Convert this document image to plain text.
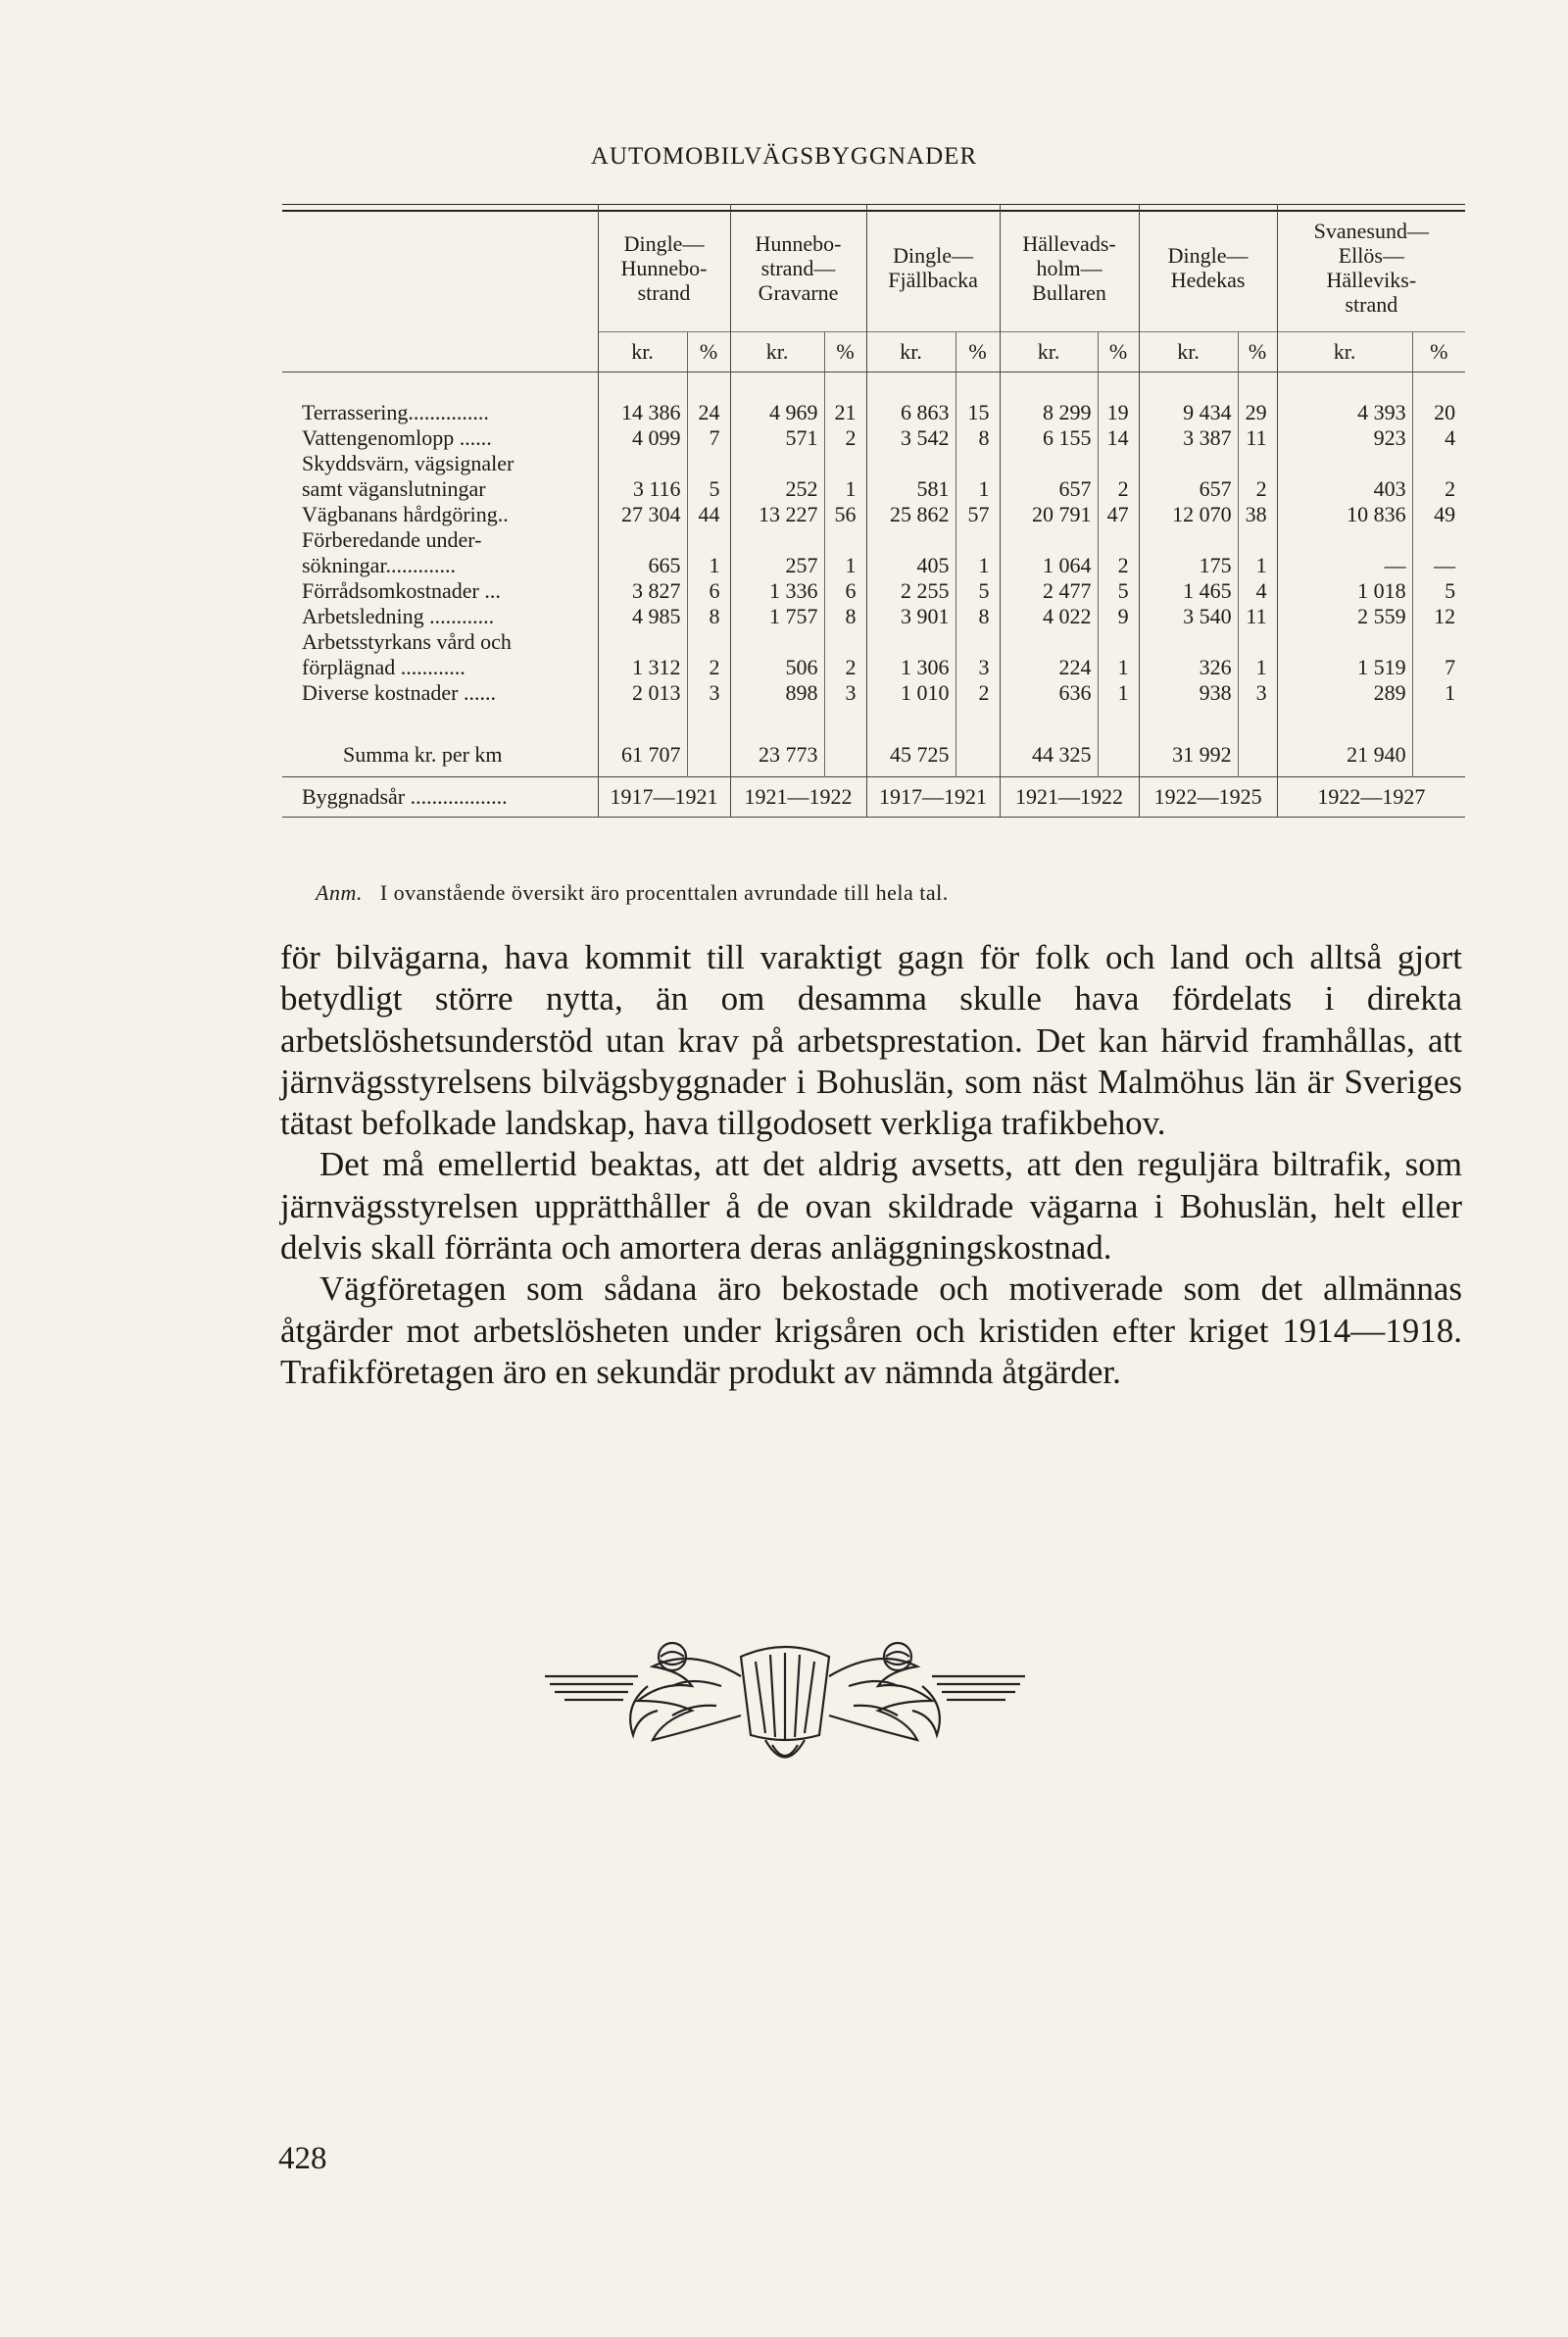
AUTOMOBILVÄGSBYGGNADER
	Dingle—
Hunnebo-
strand		Hunnebo-
strand—
Gravarne		Dingle—
Fjällbacka		Hällevads-
holm—
Bullaren		Dingle—
Hedekas		Svanesund—
Ellös—
Hälleviks-
strand	
	kr.	%	kr.	%	kr.	%	kr.	%	kr.	%	kr.	%

Terrassering...............	14 386	24	4 969	21	6 863	15	8 299	19	9 434	29	4 393	20
Vattengenomlopp ......	4 099	7	571	2	3 542	8	6 155	14	3 387	11	923	4
Skyddsvärn, vägsignaler												
samt väganslutningar	3 116	5	252	1	581	1	657	2	657	2	403	2
Vägbanans hårdgöring..	27 304	44	13 227	56	25 862	57	20 791	47	12 070	38	10 836	49
Förberedande under-												
sökningar.............	665	1	257	1	405	1	1 064	2	175	1	—	—
Förrådsomkostnader ...	3 827	6	1 336	6	2 255	5	2 477	5	1 465	4	1 018	5
Arbetsledning ............	4 985	8	1 757	8	3 901	8	4 022	9	3 540	11	2 559	12
Arbetsstyrkans vård och												
förplägnad ............	1 312	2	506	2	1 306	3	224	1	326	1	1 519	7
Diverse kostnader ......	2 013	3	898	3	1 010	2	636	1	938	3	289	1

Summa kr. per km	61 707		23 773		45 725		44 325		31 992		21 940	
Byggnadsår ..................	1917—1921		1921—1922		1917—1921		1921—1922		1922—1925		1922—1927	
Anm. I ovanstående översikt äro procenttalen avrundade till hela tal.

för bilvägarna, hava kommit till varaktigt gagn för folk och land och alltså gjort betydligt större nytta, än om desamma skulle hava fördelats i direkta arbetslöshetsunderstöd utan krav på arbetsprestation. Det kan härvid framhållas, att järnvägsstyrelsens bilvägsbyggnader i Bohuslän, som näst Malmöhus län är Sveriges tätast befolkade landskap, hava tillgodosett verkliga trafikbehov.

Det må emellertid beaktas, att det aldrig avsetts, att den reguljära biltrafik, som järnvägsstyrelsen upprätthåller å de ovan skildrade vägarna i Bohuslän, helt eller delvis skall förränta och amortera deras anläggningskostnad.

Vägföretagen som sådana äro bekostade och motiverade som det allmännas åtgärder mot arbetslösheten under krigsåren och kristiden efter kriget 1914—1918. Trafikföretagen äro en sekundär produkt av nämnda åtgärder.

428
